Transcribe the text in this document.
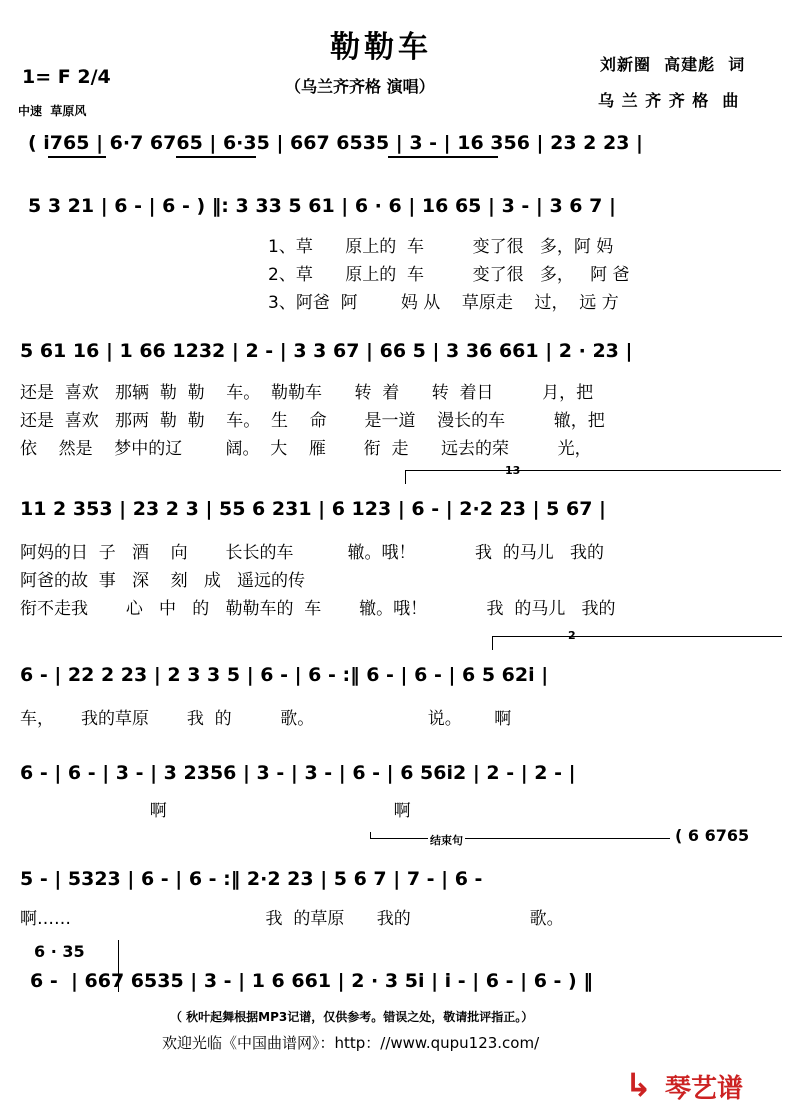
勒勒车
（乌兰齐齐格 演唱）
1= F 2/4
中速  草原风
刘新圈  高建彪  词
乌 兰 齐 齐 格  曲
( i765 | 6·7 6765 | 6·35 | 667 6535 | 3 - | 16 356 | 23 2 23 |
5 3 21 | 6 - | 6 - ) ‖: 3 33 5 61 | 6 · 6 | 16 65 | 3 - | 3 6 7 |
1、草      原上的  车         变了很   多，阿 妈
2、草      原上的  车         变了很   多，   阿 爸
3、阿爸  阿        妈 从    草原走    过，  远 方
5 61 16 | 1 66 1232 | 2 - | 3 3 67 | 66 5 | 3 36 661 | 2 · 23 |
还是  喜欢   那辆  勒  勒    车。  勒勒车      转  着      转  着日         月，把
还是  喜欢   那两  勒  勒    车。  生    命       是一道    漫长的车         辙，把
依    然是    梦中的辽        阔。  大    雁       衔  走      远去的荣         光，
13
11 2 353 | 23 2 3 | 55 6 231 | 6 123 | 6 - | 2·2 23 | 5 67 |
阿妈的日  子   酒    向       长长的车          辙。哦！           我  的马儿   我的
阿爸的故  事   深    刻   成   遥远的传
衔不走我       心   中   的   勒勒车的  车       辙。哦！           我  的马儿   我的
2
6 - | 22 2 23 | 2 3 3 5 | 6 - | 6 - :‖ 6 - | 6 - | 6 5 62i |
车，     我的草原       我  的         歌。                     说。      啊
6 - | 6 - | 3 - | 3 2356 | 3 - | 3 - | 6 - | 6 56i2 | 2 - | 2 - |
啊                                          啊
结束句	( 6 6765
5 - | 5323 | 6 - | 6 - :‖ 2·2 23 | 5 6 7 | 7 - | 6 -
啊……                                    我  的草原      我的                      歌。
6 · 35
6 -  | 667 6535 | 3 - | 1 6 661 | 2 · 3 5i | i - | 6 - | 6 - ) ‖
（ 秋叶起舞根据MP3记谱，仅供参考。错误之处，敬请批评指正。）
欢迎光临《中国曲谱网》：http：//www.qupu123.com/
↳ 琴艺谱
